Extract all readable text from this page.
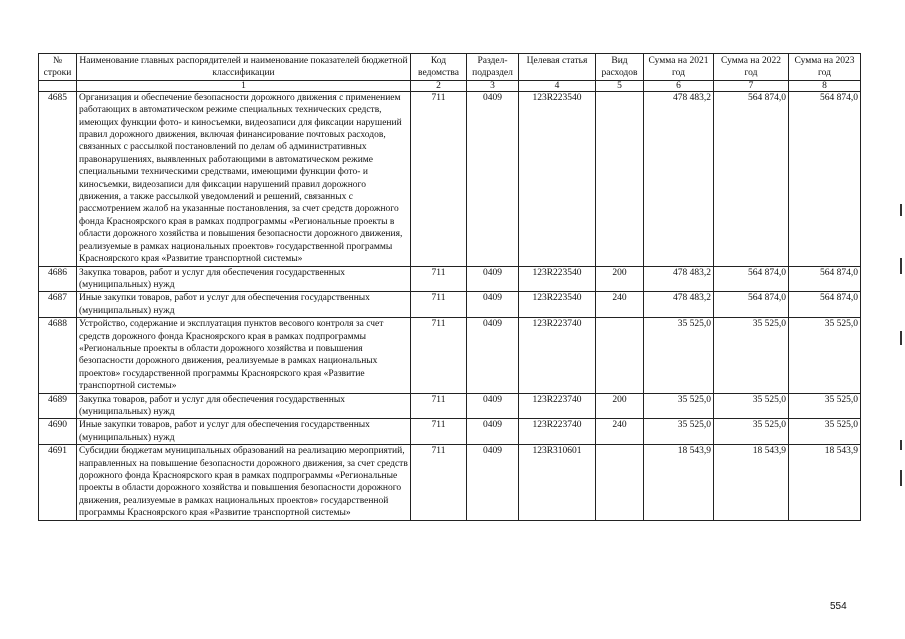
№ строки	Наименование главных распорядителей и наименование показателей бюджетной классификации	Код ведомства	Раздел-подраздел	Целевая статья	Вид расходов	Сумма на 2021 год	Сумма на 2022 год	Сумма на 2023 год
	1	2	3	4	5	6	7	8
4685	Организация и обеспечение безопасности дорожного движения с применением работающих в автоматическом режиме специальных технических средств, имеющих функции фото- и киносъемки, видеозаписи для фиксации нарушений правил дорожного движения, включая финансирование почтовых расходов, связанных с рассылкой постановлений по делам об административных правонарушениях, выявленных работающими в автоматическом режиме специальными техническими средствами, имеющими функции фото- и киносъемки, видеозаписи для фиксации нарушений правил дорожного движения, а также рассылкой уведомлений и решений, связанных с рассмотрением жалоб на указанные постановления, за счет средств дорожного фонда Красноярского края в рамках подпрограммы «Региональные проекты в области дорожного хозяйства и повышения безопасности дорожного движения, реализуемые в рамках национальных проектов» государственной программы Красноярского края «Развитие транспортной системы»	711	0409	123R223540		478 483,2	564 874,0	564 874,0
4686	Закупка товаров, работ и услуг для обеспечения государственных (муниципальных) нужд	711	0409	123R223540	200	478 483,2	564 874,0	564 874,0
4687	Иные закупки товаров, работ и услуг для обеспечения государственных (муниципальных) нужд	711	0409	123R223540	240	478 483,2	564 874,0	564 874,0
4688	Устройство, содержание и эксплуатация пунктов весового контроля за счет средств дорожного фонда Красноярского края в рамках подпрограммы «Региональные проекты в области дорожного хозяйства и повышения безопасности дорожного движения, реализуемые в рамках национальных проектов» государственной программы Красноярского края «Развитие транспортной системы»	711	0409	123R223740		35 525,0	35 525,0	35 525,0
4689	Закупка товаров, работ и услуг для обеспечения государственных (муниципальных) нужд	711	0409	123R223740	200	35 525,0	35 525,0	35 525,0
4690	Иные закупки товаров, работ и услуг для обеспечения государственных (муниципальных) нужд	711	0409	123R223740	240	35 525,0	35 525,0	35 525,0
4691	Субсидии бюджетам муниципальных образований на реализацию мероприятий, направленных на повышение безопасности дорожного движения, за счет средств дорожного фонда Красноярского края в рамках подпрограммы «Региональные проекты в области дорожного хозяйства и повышения безопасности дорожного движения, реализуемые в рамках национальных проектов» государственной программы Красноярского края «Развитие транспортной системы»	711	0409	123R310601		18 543,9	18 543,9	18 543,9
554
